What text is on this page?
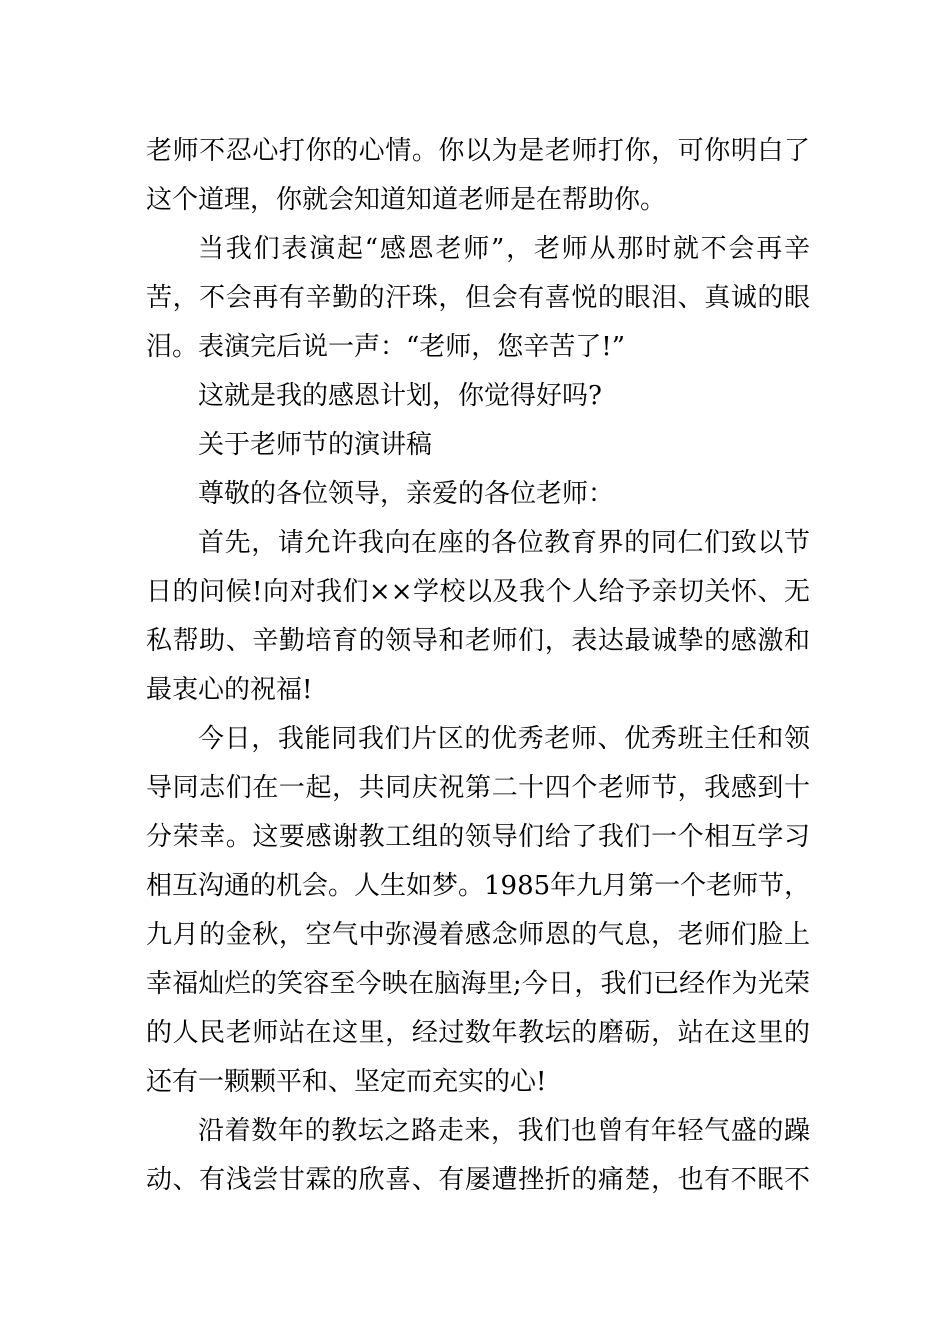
老师不忍心打你的心情。你以为是老师打你，可你明白了
这个道理，你就会知道知道老师是在帮助你。
当我们表演起“感恩老师”，老师从那时就不会再辛
苦，不会再有辛勤的汗珠，但会有喜悦的眼泪、真诚的眼
泪。表演完后说一声：“老师，您辛苦了!”
这就是我的感恩计划，你觉得好吗?
关于老师节的演讲稿
尊敬的各位领导，亲爱的各位老师：
首先，请允许我向在座的各位教育界的同仁们致以节
日的问候!向对我们××学校以及我个人给予亲切关怀、无
私帮助、辛勤培育的领导和老师们，表达最诚挚的感激和
最衷心的祝福!
今日，我能同我们片区的优秀老师、优秀班主任和领
导同志们在一起，共同庆祝第二十四个老师节，我感到十
分荣幸。这要感谢教工组的领导们给了我们一个相互学习
相互沟通的机会。人生如梦。1985年九月第一个老师节，
九月的金秋，空气中弥漫着感念师恩的气息，老师们脸上
幸福灿烂的笑容至今映在脑海里;今日，我们已经作为光荣
的人民老师站在这里，经过数年教坛的磨砺，站在这里的
还有一颗颗平和、坚定而充实的心!
沿着数年的教坛之路走来，我们也曾有年轻气盛的躁
动、有浅尝甘霖的欣喜、有屡遭挫折的痛楚，也有不眠不
